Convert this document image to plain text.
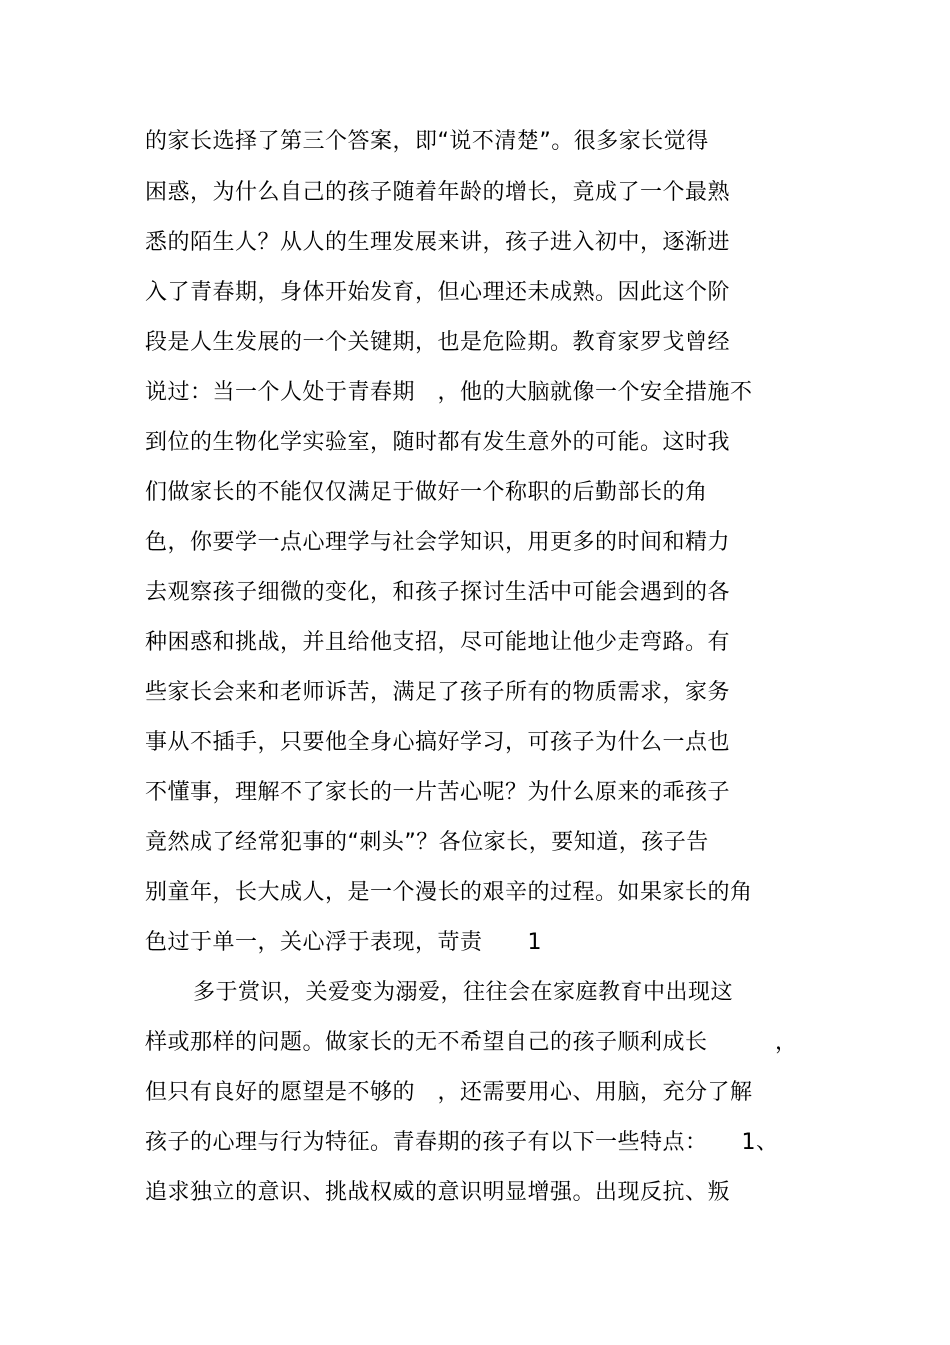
的家长选择了第三个答案，即“说不清楚”。很多家长觉得
困惑，为什么自己的孩子随着年龄的增长，竟成了一个最熟
悉的陌生人？从人的生理发展来讲，孩子进入初中，逐渐进
入了青春期，身体开始发育，但心理还未成熟。因此这个阶
段是人生发展的一个关键期，也是危险期。教育家罗戈曾经
说过：当一个人处于青春期　，他的大脑就像一个安全措施不
到位的生物化学实验室，随时都有发生意外的可能。这时我
们做家长的不能仅仅满足于做好一个称职的后勤部长的角
色，你要学一点心理学与社会学知识，用更多的时间和精力
去观察孩子细微的变化，和孩子探讨生活中可能会遇到的各
种困惑和挑战，并且给他支招，尽可能地让他少走弯路。有
些家长会来和老师诉苦，满足了孩子所有的物质需求，家务
事从不插手，只要他全身心搞好学习，可孩子为什么一点也
不懂事，理解不了家长的一片苦心呢？为什么原来的乖孩子
竟然成了经常犯事的“刺头”？各位家长，要知道，孩子告
别童年，长大成人，是一个漫长的艰辛的过程。如果家长的角
色过于单一，关心浮于表现，苛责　　1
多于赏识，关爱变为溺爱，往往会在家庭教育中出现这
样或那样的问题。做家长的无不希望自己的孩子顺利成长　　　，
但只有良好的愿望是不够的　，还需要用心、用脑，充分了解
孩子的心理与行为特征。青春期的孩子有以下一些特点：　　1、
追求独立的意识、挑战权威的意识明显增强。出现反抗、叛
